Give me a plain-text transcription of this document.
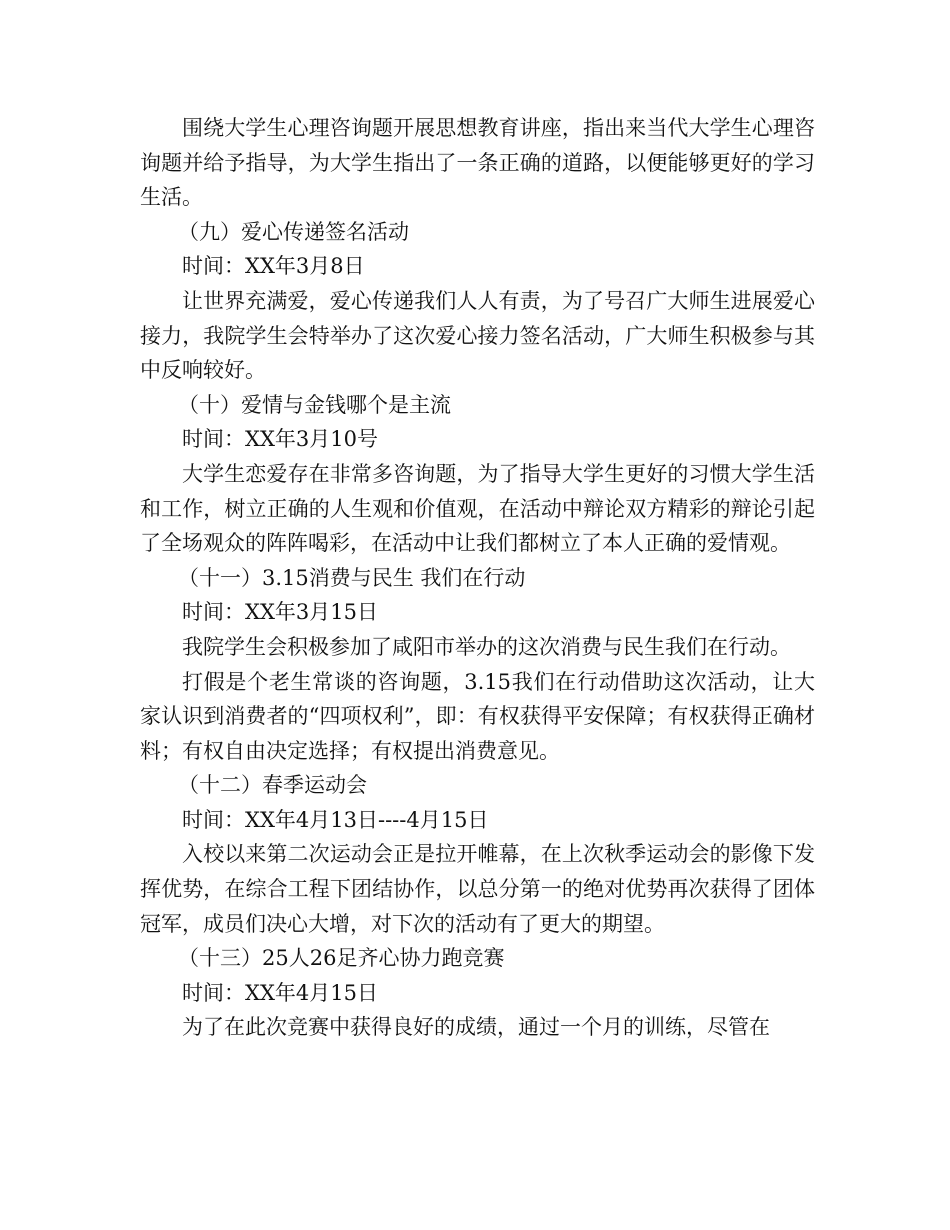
围绕大学生心理咨询题开展思想教育讲座，指出来当代大学生心理咨询题并给予指导，为大学生指出了一条正确的道路，以便能够更好的学习生活。

（九）爱心传递签名活动

时间：XX年3月8日

让世界充满爱，爱心传递我们人人有责，为了号召广大师生进展爱心接力，我院学生会特举办了这次爱心接力签名活动，广大师生积极参与其中反响较好。

（十）爱情与金钱哪个是主流

时间：XX年3月10号

大学生恋爱存在非常多咨询题，为了指导大学生更好的习惯大学生活和工作，树立正确的人生观和价值观，在活动中辩论双方精彩的辩论引起了全场观众的阵阵喝彩，在活动中让我们都树立了本人正确的爱情观。

（十一）3.15消费与民生 我们在行动

时间：XX年3月15日

我院学生会积极参加了咸阳市举办的这次消费与民生我们在行动。

打假是个老生常谈的咨询题，3.15我们在行动借助这次活动，让大家认识到消费者的“四项权利”，即：有权获得平安保障；有权获得正确材料；有权自由决定选择；有权提出消费意见。

（十二）春季运动会

时间：XX年4月13日----4月15日

入校以来第二次运动会正是拉开帷幕，在上次秋季运动会的影像下发挥优势，在综合工程下团结协作，以总分第一的绝对优势再次获得了团体冠军，成员们决心大增，对下次的活动有了更大的期望。

（十三）25人26足齐心协力跑竞赛

时间：XX年4月15日

为了在此次竞赛中获得良好的成绩，通过一个月的训练，尽管在
